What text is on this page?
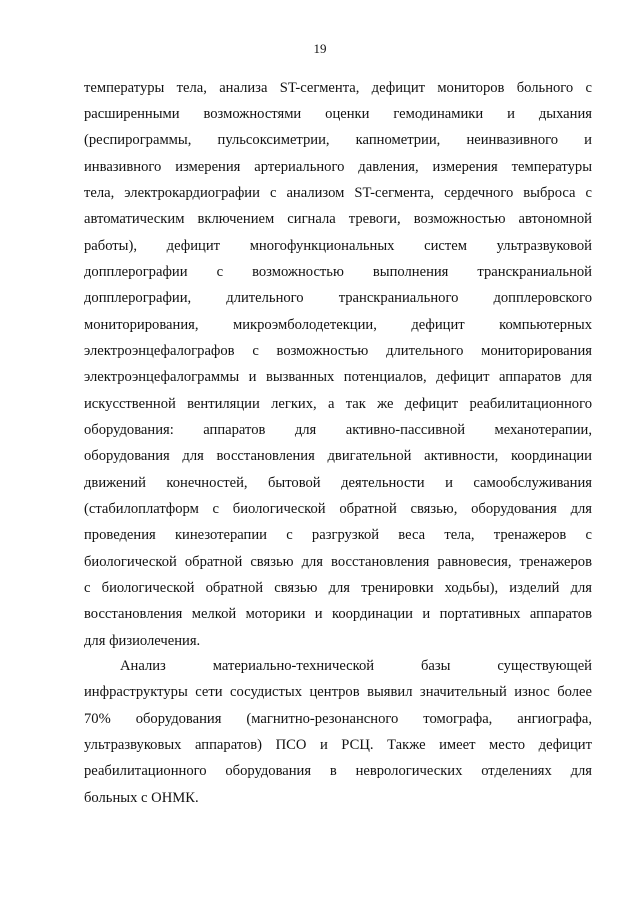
19
температуры тела, анализа ST-сегмента, дефицит мониторов больного с
расширенными возможностями оценки гемодинамики и дыхания
(респирограммы, пульсоксиметрии, капнометрии, неинвазивного и
инвазивного измерения артериального давления, измерения температуры
тела, электрокардиографии с анализом ST-сегмента, сердечного выброса с
автоматическим включением сигнала тревоги, возможностью автономной
работы), дефицит многофункциональных систем ультразвуковой
допплерографии с возможностью выполнения транскраниальной
допплерографии, длительного транскраниального допплеровского
мониторирования, микроэмболодетекции, дефицит компьютерных
электроэнцефалографов с возможностью длительного мониторирования
электроэнцефалограммы и вызванных потенциалов, дефицит аппаратов для
искусственной вентиляции легких, а так же дефицит реабилитационного
оборудования: аппаратов для активно-пассивной механотерапии,
оборудования для восстановления двигательной активности, координации
движений конечностей, бытовой деятельности и самообслуживания
(стабилоплатформ с биологической обратной связью, оборудования для
проведения кинезотерапии с разгрузкой веса тела, тренажеров с
биологической обратной связью для восстановления равновесия, тренажеров
с биологической обратной связью для тренировки ходьбы), изделий для
восстановления мелкой моторики и координации и портативных аппаратов
для физиолечения.
Анализ материально-технической базы существующей
инфраструктуры сети сосудистых центров выявил значительный износ более
70% оборудования (магнитно-резонансного томографа, ангиографа,
ультразвуковых аппаратов) ПСО и РСЦ. Также имеет место дефицит
реабилитационного оборудования в неврологических отделениях для
больных с ОНМК.
